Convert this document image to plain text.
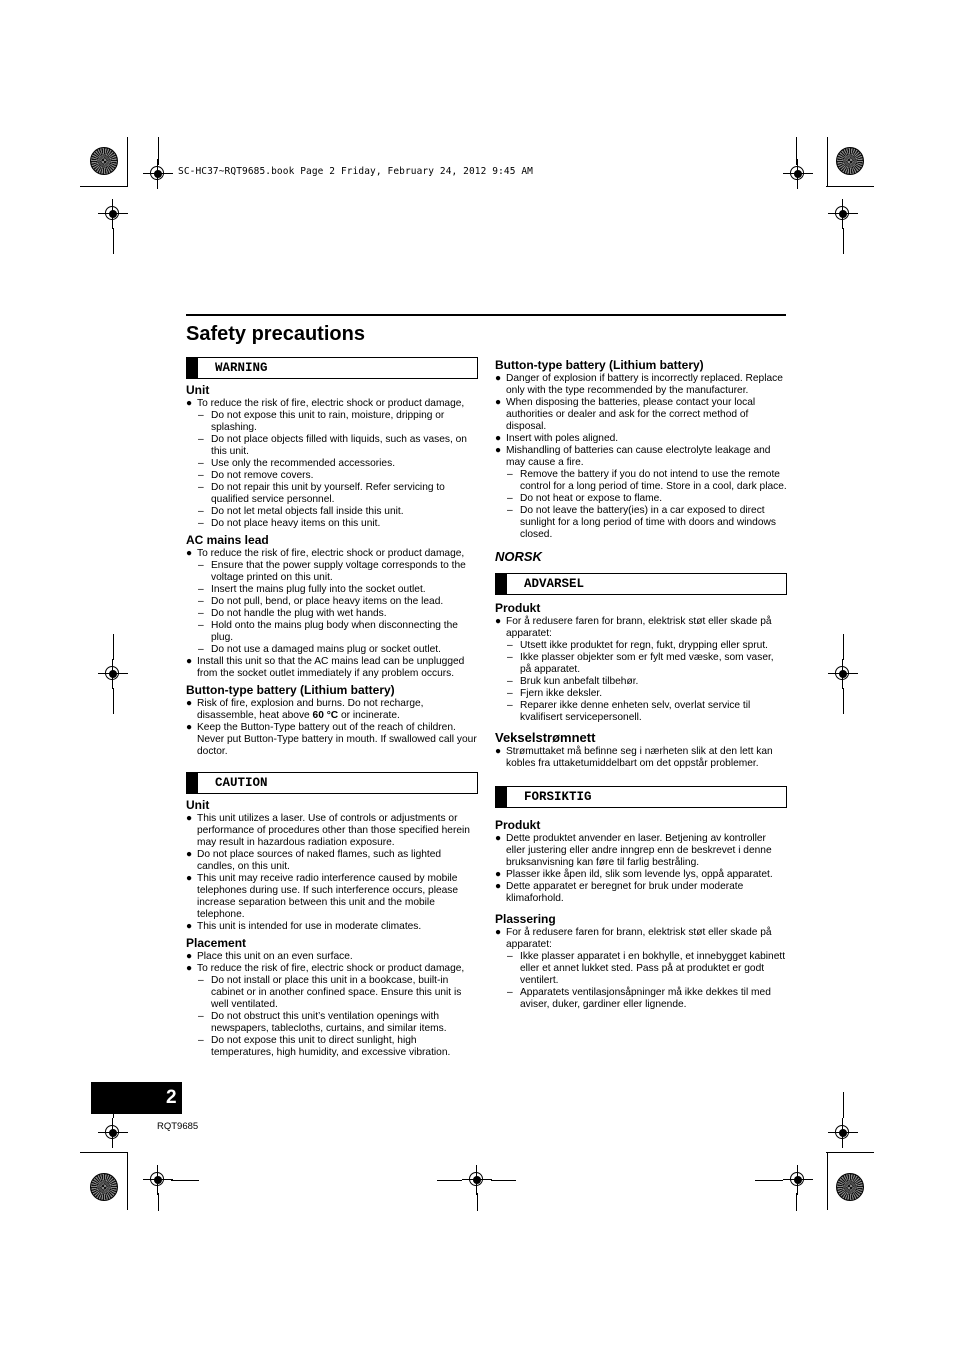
SC-HC37~RQT9685.book Page 2 Friday, February 24, 2012 9:45 AM
Safety precautions
WARNING
Unit
● To reduce the risk of fire, electric shock or product damage,
– Do not expose this unit to rain, moisture, dripping or splashing.
– Do not place objects filled with liquids, such as vases, on this unit.
– Use only the recommended accessories.
– Do not remove covers.
– Do not repair this unit by yourself. Refer servicing to qualified service personnel.
– Do not let metal objects fall inside this unit.
– Do not place heavy items on this unit.
AC mains lead
● To reduce the risk of fire, electric shock or product damage,
– Ensure that the power supply voltage corresponds to the voltage printed on this unit.
– Insert the mains plug fully into the socket outlet.
– Do not pull, bend, or place heavy items on the lead.
– Do not handle the plug with wet hands.
– Hold onto the mains plug body when disconnecting the plug.
– Do not use a damaged mains plug or socket outlet.
● Install this unit so that the AC mains lead can be unplugged from the socket outlet immediately if any problem occurs.
Button-type battery (Lithium battery)
● Risk of fire, explosion and burns. Do not recharge, disassemble, heat above 60 °C or incinerate.
● Keep the Button-Type battery out of the reach of children. Never put Button-Type battery in mouth. If swallowed call your doctor.
CAUTION
Unit
● This unit utilizes a laser. Use of controls or adjustments or performance of procedures other than those specified herein may result in hazardous radiation exposure.
● Do not place sources of naked flames, such as lighted candles, on this unit.
● This unit may receive radio interference caused by mobile telephones during use. If such interference occurs, please increase separation between this unit and the mobile telephone.
● This unit is intended for use in moderate climates.
Placement
● Place this unit on an even surface.
● To reduce the risk of fire, electric shock or product damage,
– Do not install or place this unit in a bookcase, built-in cabinet or in another confined space. Ensure this unit is well ventilated.
– Do not obstruct this unit’s ventilation openings with newspapers, tablecloths, curtains, and similar items.
– Do not expose this unit to direct sunlight, high temperatures, high humidity, and excessive vibration.
Button-type battery (Lithium battery)
● Danger of explosion if battery is incorrectly replaced. Replace only with the type recommended by the manufacturer.
● When disposing the batteries, please contact your local authorities or dealer and ask for the correct method of disposal.
● Insert with poles aligned.
● Mishandling of batteries can cause electrolyte leakage and may cause a fire.
– Remove the battery if you do not intend to use the remote control for a long period of time. Store in a cool, dark place.
– Do not heat or expose to flame.
– Do not leave the battery(ies) in a car exposed to direct sunlight for a long period of time with doors and windows closed.
NORSK
ADVARSEL
Produkt
● For å redusere faren for brann, elektrisk støt eller skade på apparatet:
– Utsett ikke produktet for regn, fukt, drypping eller sprut.
– Ikke plasser objekter som er fylt med væske, som vaser, på apparatet.
– Bruk kun anbefalt tilbehør.
– Fjern ikke deksler.
– Reparer ikke denne enheten selv, overlat service til kvalifisert servicepersonell.
Vekselstrømnett
● Strømuttaket må befinne seg i nærheten slik at den lett kan kobles fra uttaketumiddelbart om det oppstår problemer.
FORSIKTIG
Produkt
● Dette produktet anvender en laser. Betjening av kontroller eller justering eller andre inngrep enn de beskrevet i denne bruksanvisning kan føre til farlig bestråling.
● Plasser ikke åpen ild, slik som levende lys, oppå apparatet.
● Dette apparatet er beregnet for bruk under moderate klimaforhold.
Plassering
● For å redusere faren for brann, elektrisk støt eller skade på apparatet:
– Ikke plasser apparatet i en bokhylle, et innebygget kabinett eller et annet lukket sted. Pass på at produktet er godt ventilert.
– Apparatets ventilasjonsåpninger må ikke dekkes til med aviser, duker, gardiner eller lignende.
2
RQT9685
